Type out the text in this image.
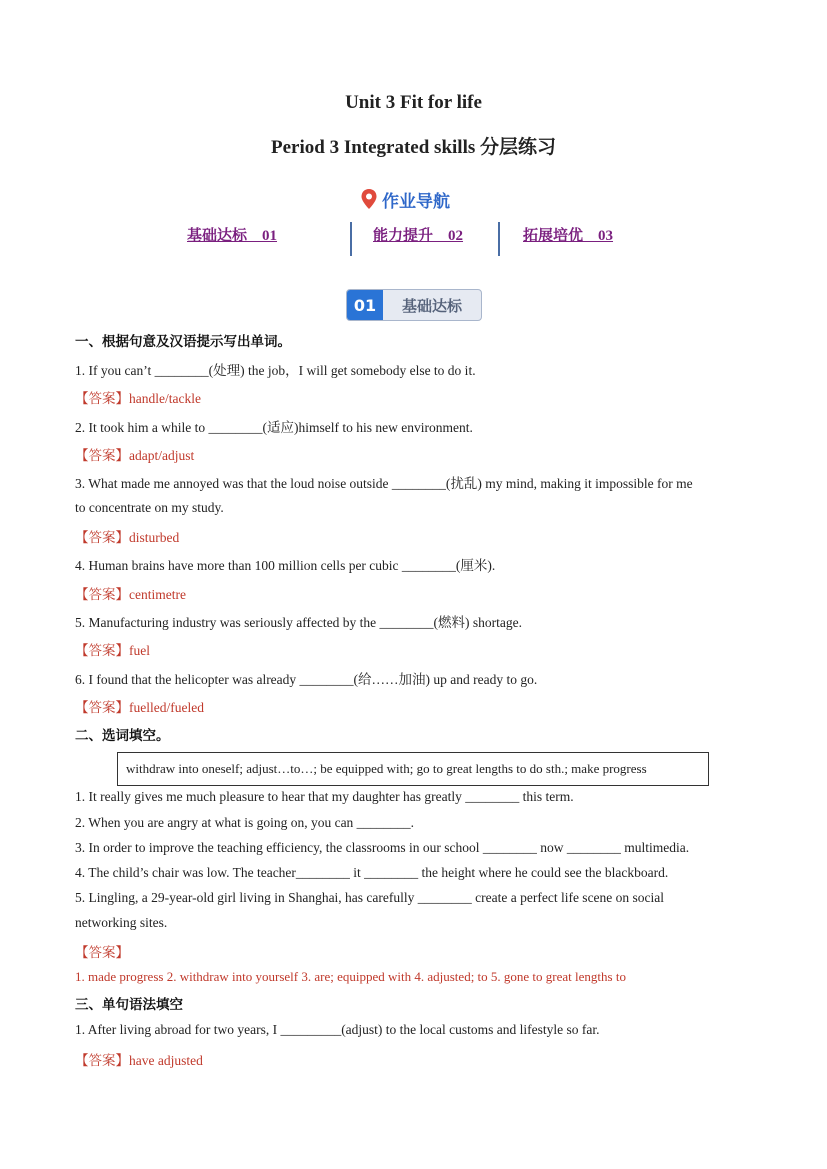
Unit 3 Fit for life
Period 3 Integrated skills 分层练习
作业导航
基础达标　01	能力提升　02	拓展培优　03
01	基础达标
一、根据句意及汉语提示写出单词。
1. If you can’t ________(处理) the job，I will get somebody else to do it.
【答案】handle/tackle
2. It took him a while to ________(适应)himself to his new environment.
【答案】adapt/adjust
3. What made me annoyed was that the loud noise outside ________(扰乱) my mind, making it impossible for me
to concentrate on my study.
【答案】disturbed
4. Human brains have more than 100 million cells per cubic ________(厘米).
【答案】centimetre
5. Manufacturing industry was seriously affected by the ________(燃料) shortage.
【答案】fuel
6. I found that the helicopter was already ________(给……加油) up and ready to go.
【答案】fuelled/fueled
二、选词填空。
withdraw into oneself; adjust…to…; be equipped with; go to great lengths to do sth.; make progress
1. It really gives me much pleasure to hear that my daughter has greatly ________ this term.
2. When you are angry at what is going on, you can ________.
3. In order to improve the teaching efficiency, the classrooms in our school ________ now ________ multimedia.
4. The child’s chair was low. The teacher________ it ________ the height where he could see the blackboard.
5. Lingling, a 29-year-old girl living in Shanghai, has carefully ________ create a perfect life scene on social
networking sites.
【答案】
1. made progress 2. withdraw into yourself 3. are; equipped with 4. adjusted; to 5. gone to great lengths to
三、单句语法填空
1. After living abroad for two years, I _________(adjust) to the local customs and lifestyle so far.
【答案】have adjusted
